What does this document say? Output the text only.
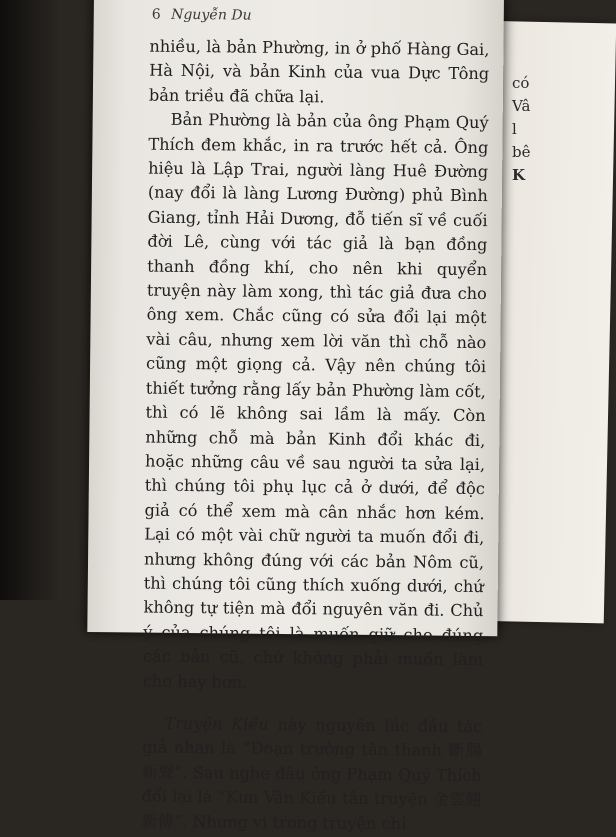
có
Vâ
l
bê
K
6 Nguyễn Du

nhiều, là bản Phường, in ở phố Hàng Gai, Hà Nội, và bản Kinh của vua Dực Tông bản triều đã chữa lại.

Bản Phường là bản của ông Phạm Quý Thích đem khắc, in ra trước hết cả. Ông hiệu là Lập Trai, người làng Huê Đường (nay đổi là làng Lương Đường) phủ Bình Giang, tỉnh Hải Dương, đỗ tiến sĩ về cuối đời Lê, cùng với tác giả là bạn đồng thanh đồng khí, cho nên khi quyển truyện này làm xong, thì tác giả đưa cho ông xem. Chắc cũng có sửa đổi lại một vài câu, nhưng xem lời văn thì chỗ nào cũng một giọng cả. Vậy nên chúng tôi thiết tưởng rằng lấy bản Phường làm cốt, thì có lẽ không sai lầm là mấy. Còn những chỗ mà bản Kinh đổi khác đi, hoặc những câu về sau người ta sửa lại, thì chúng tôi phụ lục cả ở dưới, để độc giả có thể xem mà cân nhắc hơn kém. Lại có một vài chữ người ta muốn đổi đi, nhưng không đúng với các bản Nôm cũ, thì chúng tôi cũng thích xuống dưới, chứ không tự tiện mà đổi nguyên văn đi. Chủ ý của chúng tôi là muốn giữ cho đúng các bản cũ, chứ không phải muốn làm cho hay hơn.

Truyện Kiều này nguyên lúc đầu tác giả nhan là “Đoạn trường tân thanh 斷腸新聲”. Sau nghe đâu ông Phạm Quý Thích đổi lại là “Kim Vân Kiều tân truyện 金雲翹新傳”. Nhưng vì trong truyện chỉ
